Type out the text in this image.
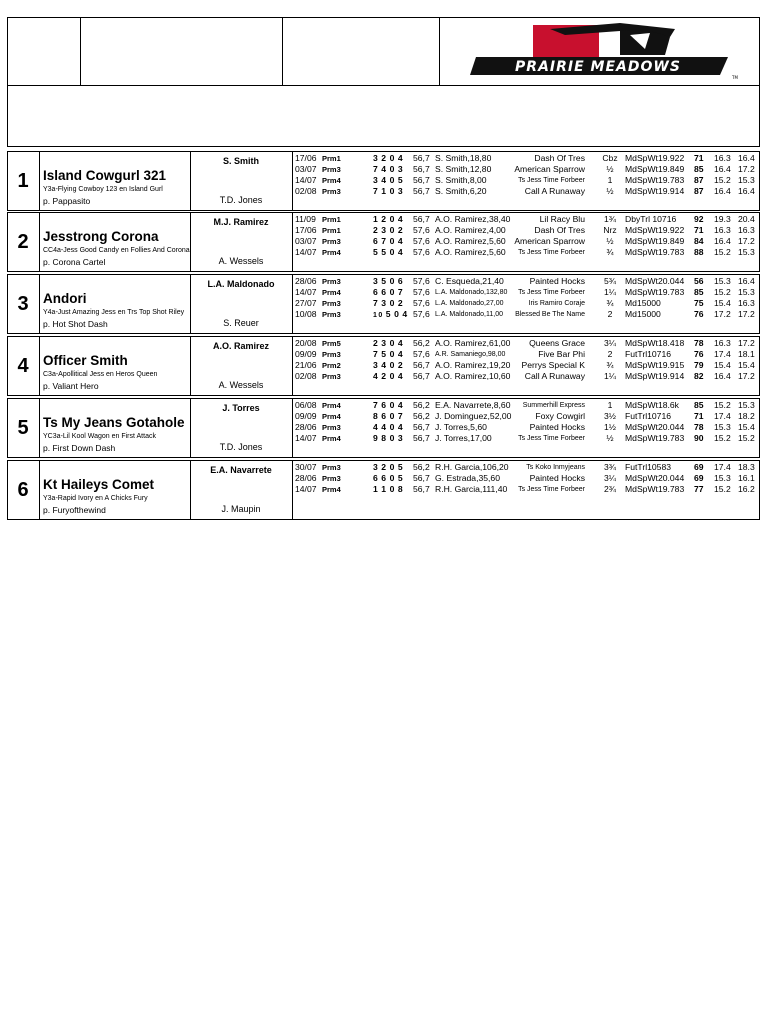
PRAIRIE MEADOWS
TM
1	Island Cowgurl 321
Y3a-Flying Cowboy 123 en Island Gurl
p. Pappasito
S. Smith
T.D. Jones
17/06 Prm1	3 2 0 4	56,7 S. Smith,18,80	Dash Of Tres	Cbz MdSpWt19.922 71 16.3 16.4
03/07 Prm3	7 4 0 3	56,7 S. Smith,12,80	American Sparrow	½	MdSpWt19.849 85 16.4 17.2
14/07 Prm4	3 4 0 5	56,7 S. Smith,8,00	Ts Jess Time Forbeer	1	MdSpWt19.783 87 15.2 15.3
02/08 Prm3	7 1 0 3	56,7 S. Smith,6,20	Call A Runaway	½	MdSpWt19.914 87 16.4 16.4
2	Jesstrong Corona
CC4a-Jess Good Candy en Follies And Corona
p. Corona Cartel
M.J. Ramirez
A. Wessels
11/09 Prm1	1 2 0 4	56,7 A.O. Ramirez,38,40	Lil Racy Blu	1¾	DbyTrl 10716 92 19.3 20.4
17/06 Prm1	2 3 0 2	57,6 A.O. Ramirez,4,00	Dash Of Tres	Nrz MdSpWt19.922 71 16.3 16.3
03/07 Prm3	6 7 0 4	57,6 A.O. Ramirez,5,60 American Sparrow	½	MdSpWt19.849 84 16.4 17.2
14/07 Prm4	5 5 0 4	57,6 A.O. Ramirez,5,60 Ts Jess Time Forbeer	¾	MdSpWt19.783 88 15.2 15.3
3	Andori
Y4a-Just Amazing Jess en Trs Top Shot Riley
p. Hot Shot Dash
L.A. Maldonado
S. Reuer
28/06 Prm3	3 5 0 6	57,6 C. Esqueda,21,40	Painted Hocks	5¾	MdSpWt20.044 56 15.3 16.4
14/07 Prm4	6 6 0 7	57,6 L.A. Maldonado,132,80 Ts Jess Time Forbeer	1¼	MdSpWt19.783 85 15.2 15.3
27/07 Prm3	7 3 0 2	57,6 L.A. Maldonado,27,00	Iris Ramiro Coraje	¾	Md15000	75 15.4 16.3
10/08 Prm3	10 5 0 4 57,6 L.A. Maldonado,11,00 Blessed Be The Name	2	Md15000	76 17.2 17.2
4	Officer Smith
C3a-Apollitical Jess en Heros Queen
p. Valiant Hero
A.O. Ramirez
A. Wessels
20/08 Prm5	2 3 0 4	56,2 A.O. Ramirez,61,00 Queens Grace	3¼	MdSpWt18.418 78 16.3 17.2
09/09 Prm3	7 5 0 4	57,6 A.R. Samaniego,98,00	Five Bar Phi	2	FutTrl10716	76 17.4 18.1
21/06 Prm2	3 4 0 2	56,7 A.O. Ramirez,19,20 Perrys Special K	¾	MdSpWt19.915 79 15.4 15.4
02/08 Prm3	4 2 0 4	56,7 A.O. Ramirez,10,60 Call A Runaway	1¼	MdSpWt19.914 82 16.4 17.2
5	Ts My Jeans Gotahole
YC3a-Lil Kool Wagon en First Attack
p. First Down Dash
J. Torres
T.D. Jones
06/08 Prm4	7 6 0 4	56,2 E.A. Navarrete,8,60 Summerhill Express	1	MdSpWt18.6k 85 15.2 15.3
09/09 Prm4	8 6 0 7	56,2 J. Dominguez,52,00	Foxy Cowgirl	3½	FutTrl10716	71 17.4 18.2
28/06 Prm3	4 4 0 4	56,7 J. Torres,5,60	Painted Hocks	1½	MdSpWt20.044 78 15.3 15.4
14/07 Prm4	9 8 0 3	56,7 J. Torres,17,00	Ts Jess Time Forbeer	½	MdSpWt19.783 90 15.2 15.2
6	Kt Haileys Comet
Y3a-Rapid Ivory en A Chicks Fury
p. Furyofthewind
E.A. Navarrete
J. Maupin
30/07 Prm3	3 2 0 5	56,2 R.H. Garcia,106,20	Ts Koko Inmyjeans	3¾	FutTrl10583	69 17.4 18.3
28/06 Prm3	6 6 0 5	56,7 G. Estrada,35,60	Painted Hocks	3¼	MdSpWt20.044 69 15.3 16.1
14/07 Prm4	1 1 0 8	56,7 R.H. Garcia,111,40 Ts Jess Time Forbeer	2¾	MdSpWt19.783 77 15.2 16.2
